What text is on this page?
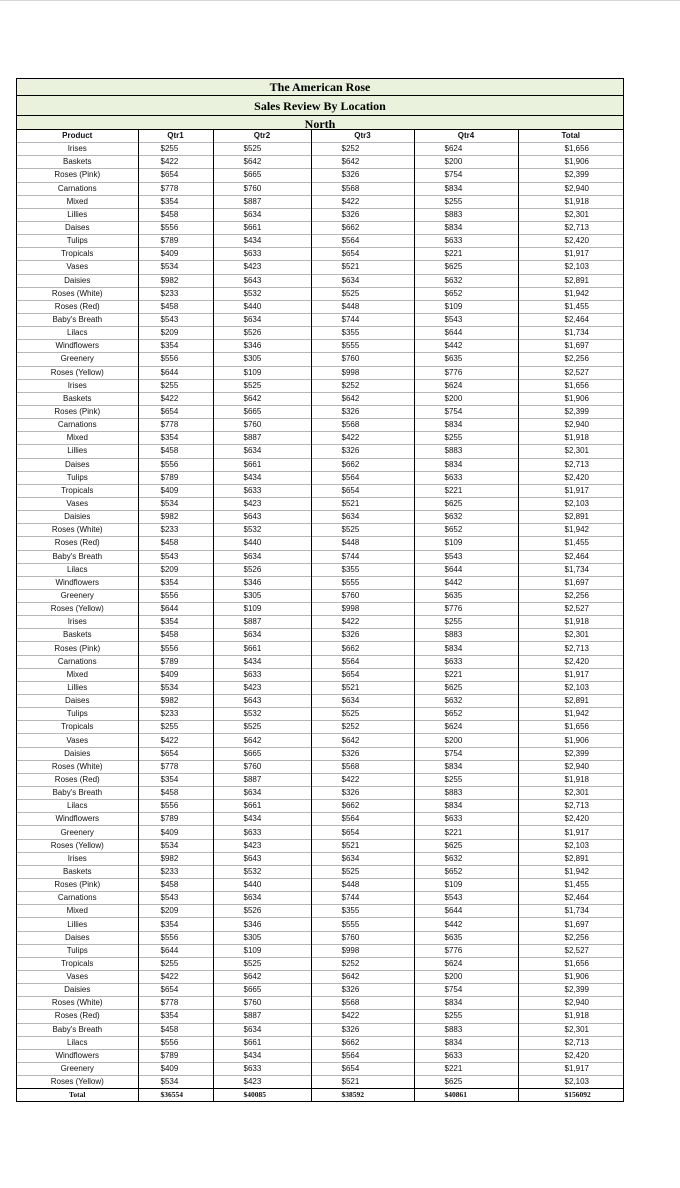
The American Rose
Sales Review By Location
North
Product	Qtr1	Qtr2	Qtr3	Qtr4	Total
Irises	$255	$525	$252	$624	$1,656
Baskets	$422	$642	$642	$200	$1,906
Roses (Pink)	$654	$665	$326	$754	$2,399
Carnations	$778	$760	$568	$834	$2,940
Mixed	$354	$887	$422	$255	$1,918
Lillies	$458	$634	$326	$883	$2,301
Daises	$556	$661	$662	$834	$2,713
Tulips	$789	$434	$564	$633	$2,420
Tropicals	$409	$633	$654	$221	$1,917
Vases	$534	$423	$521	$625	$2,103
Daisies	$982	$643	$634	$632	$2,891
Roses (White)	$233	$532	$525	$652	$1,942
Roses (Red)	$458	$440	$448	$109	$1,455
Baby's Breath	$543	$634	$744	$543	$2,464
Lilacs	$209	$526	$355	$644	$1,734
Windflowers	$354	$346	$555	$442	$1,697
Greenery	$556	$305	$760	$635	$2,256
Roses (Yellow)	$644	$109	$998	$776	$2,527
Irises	$255	$525	$252	$624	$1,656
Baskets	$422	$642	$642	$200	$1,906
Roses (Pink)	$654	$665	$326	$754	$2,399
Carnations	$778	$760	$568	$834	$2,940
Mixed	$354	$887	$422	$255	$1,918
Lillies	$458	$634	$326	$883	$2,301
Daises	$556	$661	$662	$834	$2,713
Tulips	$789	$434	$564	$633	$2,420
Tropicals	$409	$633	$654	$221	$1,917
Vases	$534	$423	$521	$625	$2,103
Daisies	$982	$643	$634	$632	$2,891
Roses (White)	$233	$532	$525	$652	$1,942
Roses (Red)	$458	$440	$448	$109	$1,455
Baby's Breath	$543	$634	$744	$543	$2,464
Lilacs	$209	$526	$355	$644	$1,734
Windflowers	$354	$346	$555	$442	$1,697
Greenery	$556	$305	$760	$635	$2,256
Roses (Yellow)	$644	$109	$998	$776	$2,527
Irises	$354	$887	$422	$255	$1,918
Baskets	$458	$634	$326	$883	$2,301
Roses (Pink)	$556	$661	$662	$834	$2,713
Carnations	$789	$434	$564	$633	$2,420
Mixed	$409	$633	$654	$221	$1,917
Lillies	$534	$423	$521	$625	$2,103
Daises	$982	$643	$634	$632	$2,891
Tulips	$233	$532	$525	$652	$1,942
Tropicals	$255	$525	$252	$624	$1,656
Vases	$422	$642	$642	$200	$1,906
Daisies	$654	$665	$326	$754	$2,399
Roses (White)	$778	$760	$568	$834	$2,940
Roses (Red)	$354	$887	$422	$255	$1,918
Baby's Breath	$458	$634	$326	$883	$2,301
Lilacs	$556	$661	$662	$834	$2,713
Windflowers	$789	$434	$564	$633	$2,420
Greenery	$409	$633	$654	$221	$1,917
Roses (Yellow)	$534	$423	$521	$625	$2,103
Irises	$982	$643	$634	$632	$2,891
Baskets	$233	$532	$525	$652	$1,942
Roses (Pink)	$458	$440	$448	$109	$1,455
Carnations	$543	$634	$744	$543	$2,464
Mixed	$209	$526	$355	$644	$1,734
Lillies	$354	$346	$555	$442	$1,697
Daises	$556	$305	$760	$635	$2,256
Tulips	$644	$109	$998	$776	$2,527
Tropicals	$255	$525	$252	$624	$1,656
Vases	$422	$642	$642	$200	$1,906
Daisies	$654	$665	$326	$754	$2,399
Roses (White)	$778	$760	$568	$834	$2,940
Roses (Red)	$354	$887	$422	$255	$1,918
Baby's Breath	$458	$634	$326	$883	$2,301
Lilacs	$556	$661	$662	$834	$2,713
Windflowers	$789	$434	$564	$633	$2,420
Greenery	$409	$633	$654	$221	$1,917
Roses (Yellow)	$534	$423	$521	$625	$2,103
Total	$36554	$40085	$38592	$40861	$156092
